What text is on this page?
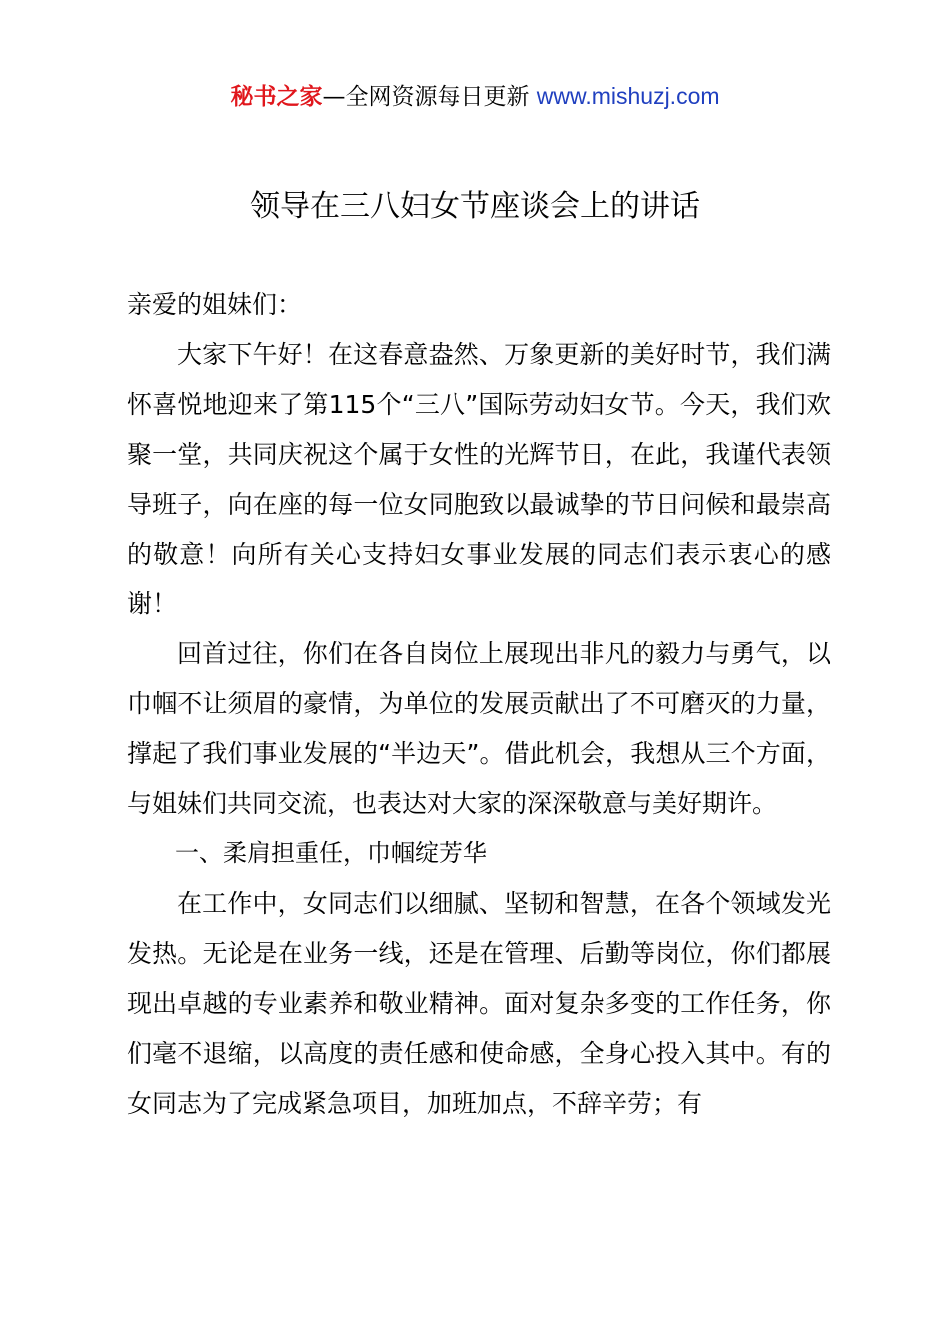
秘书之家—全网资源每日更新 www.mishuzj.com
领导在三八妇女节座谈会上的讲话

亲爱的姐妹们：

大家下午好！在这春意盎然、万象更新的美好时节，我们满怀喜悦地迎来了第115个“三八”国际劳动妇女节。今天，我们欢聚一堂，共同庆祝这个属于女性的光辉节日，在此，我谨代表领导班子，向在座的每一位女同胞致以最诚挚的节日问候和最崇高的敬意！向所有关心支持妇女事业发展的同志们表示衷心的感谢！

回首过往，你们在各自岗位上展现出非凡的毅力与勇气，以巾帼不让须眉的豪情，为单位的发展贡献出了不可磨灭的力量，撑起了我们事业发展的“半边天”。借此机会，我想从三个方面，与姐妹们共同交流，也表达对大家的深深敬意与美好期许。

一、柔肩担重任，巾帼绽芳华

在工作中，女同志们以细腻、坚韧和智慧，在各个领域发光发热。无论是在业务一线，还是在管理、后勤等岗位，你们都展现出卓越的专业素养和敬业精神。面对复杂多变的工作任务，你们毫不退缩，以高度的责任感和使命感，全身心投入其中。有的女同志为了完成紧急项目，加班加点，不辞辛劳；有
